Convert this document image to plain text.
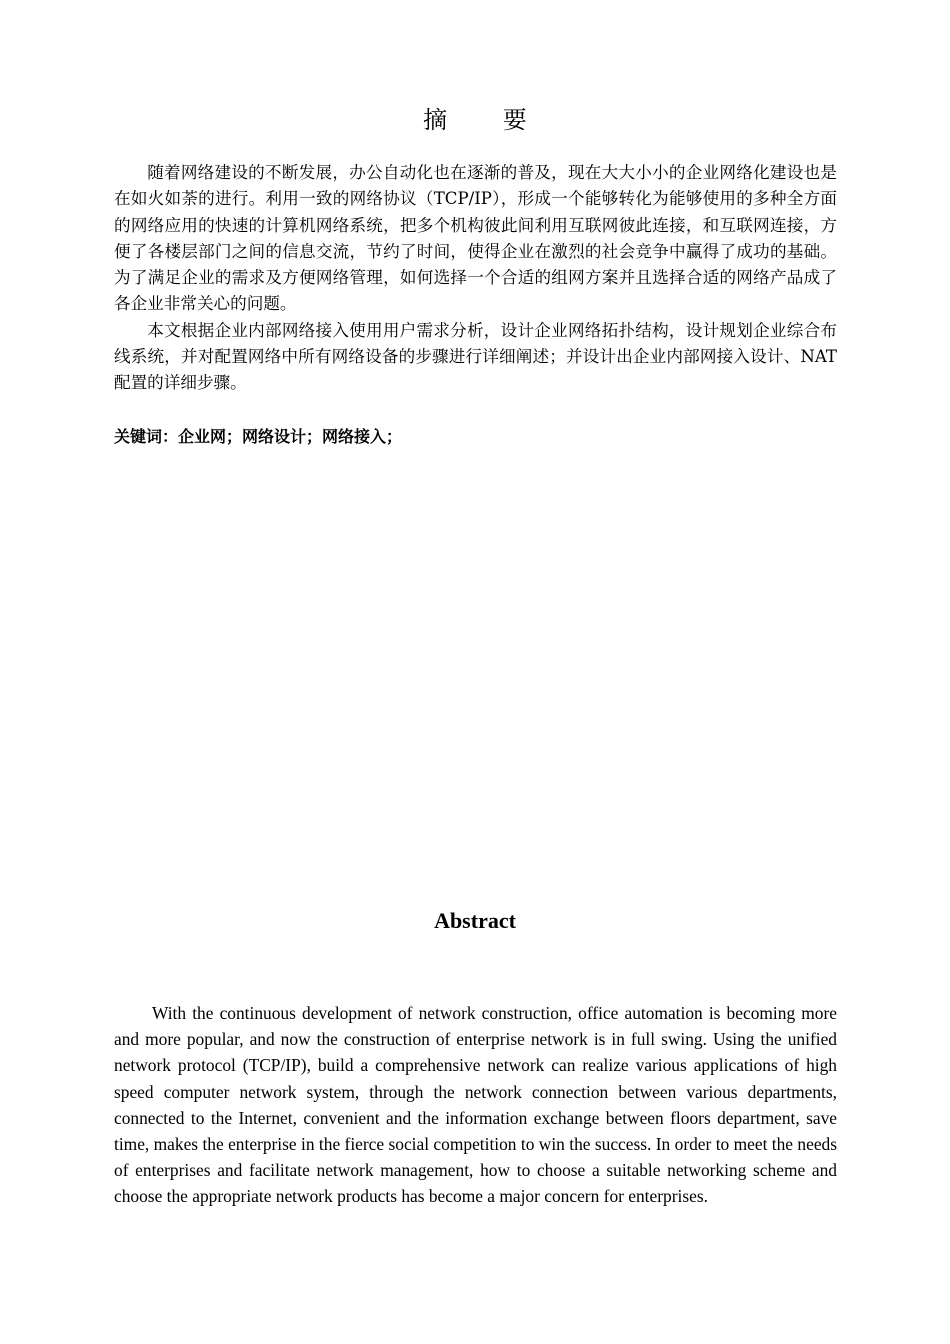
摘 要

随着网络建设的不断发展，办公自动化也在逐渐的普及，现在大大小小的企业网络化建设也是在如火如荼的进行。利用一致的网络协议（TCP/IP），形成一个能够转化为能够使用的多种全方面的网络应用的快速的计算机网络系统，把多个机构彼此间利用互联网彼此连接，和互联网连接，方便了各楼层部门之间的信息交流，节约了时间，使得企业在激烈的社会竞争中赢得了成功的基础。为了满足企业的需求及方便网络管理，如何选择一个合适的组网方案并且选择合适的网络产品成了各企业非常关心的问题。

本文根据企业内部网络接入使用用户需求分析，设计企业网络拓扑结构，设计规划企业综合布线系统，并对配置网络中所有网络设备的步骤进行详细阐述；并设计出企业内部网接入设计、NAT配置的详细步骤。

关键词：企业网；网络设计；网络接入；
Abstract

With the continuous development of network construction, office automation is becoming more and more popular, and now the construction of enterprise network is in full swing. Using the unified network protocol (TCP/IP), build a comprehensive network can realize various applications of high speed computer network system, through the network connection between various departments, connected to the Internet, convenient and the information exchange between floors department, save time, makes the enterprise in the fierce social competition to win the success. In order to meet the needs of enterprises and facilitate network management, how to choose a suitable networking scheme and choose the appropriate network products has become a major concern for enterprises.
